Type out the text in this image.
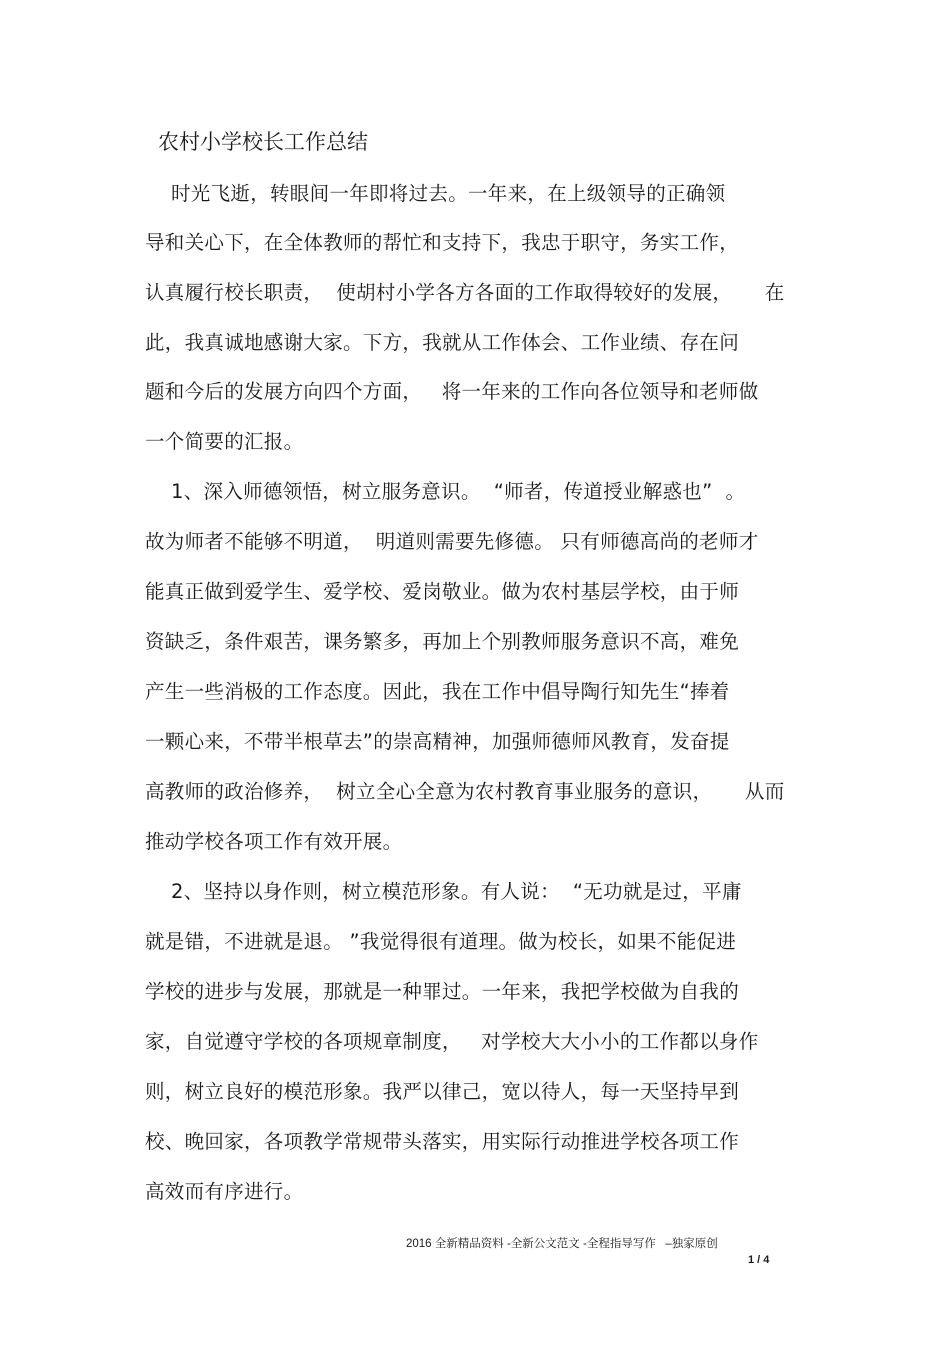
农村小学校长工作总结
时光飞逝，转眼间一年即将过去。一年来，在上级领导的正确领
导和关心下，在全体教师的帮忙和支持下，我忠于职守，务实工作，
认真履行校长职责，  使胡村小学各方各面的工作取得较好的发展，     在
此，我真诚地感谢大家。下方，我就从工作体会、工作业绩、存在问
题和今后的发展方向四个方面，   将一年来的工作向各位领导和老师做
一个简要的汇报。
1、深入师德领悟，树立服务意识。  “师者，传道授业解惑也”  。
故为师者不能够不明道，  明道则需要先修德。 只有师德高尚的老师才
能真正做到爱学生、爱学校、爱岗敬业。做为农村基层学校，由于师
资缺乏，条件艰苦，课务繁多，再加上个别教师服务意识不高，难免
产生一些消极的工作态度。因此，我在工作中倡导陶行知先生“捧着
一颗心来，不带半根草去”的崇高精神，加强师德师风教育，发奋提
高教师的政治修养，  树立全心全意为农村教育事业服务的意识，     从而
推动学校各项工作有效开展。
2、坚持以身作则，树立模范形象。有人说：  “无功就是过，平庸
就是错，不进就是退。 ”我觉得很有道理。做为校长，如果不能促进
学校的进步与发展，那就是一种罪过。一年来，我把学校做为自我的
家，自觉遵守学校的各项规章制度，   对学校大大小小的工作都以身作
则，树立良好的模范形象。我严以律己，宽以待人，每一天坚持早到
校、晚回家，各项教学常规带头落实，用实际行动推进学校各项工作
高效而有序进行。
2016 全新精品资料 -全新公文范文 -全程指导写作   –独家原创
1 / 4
